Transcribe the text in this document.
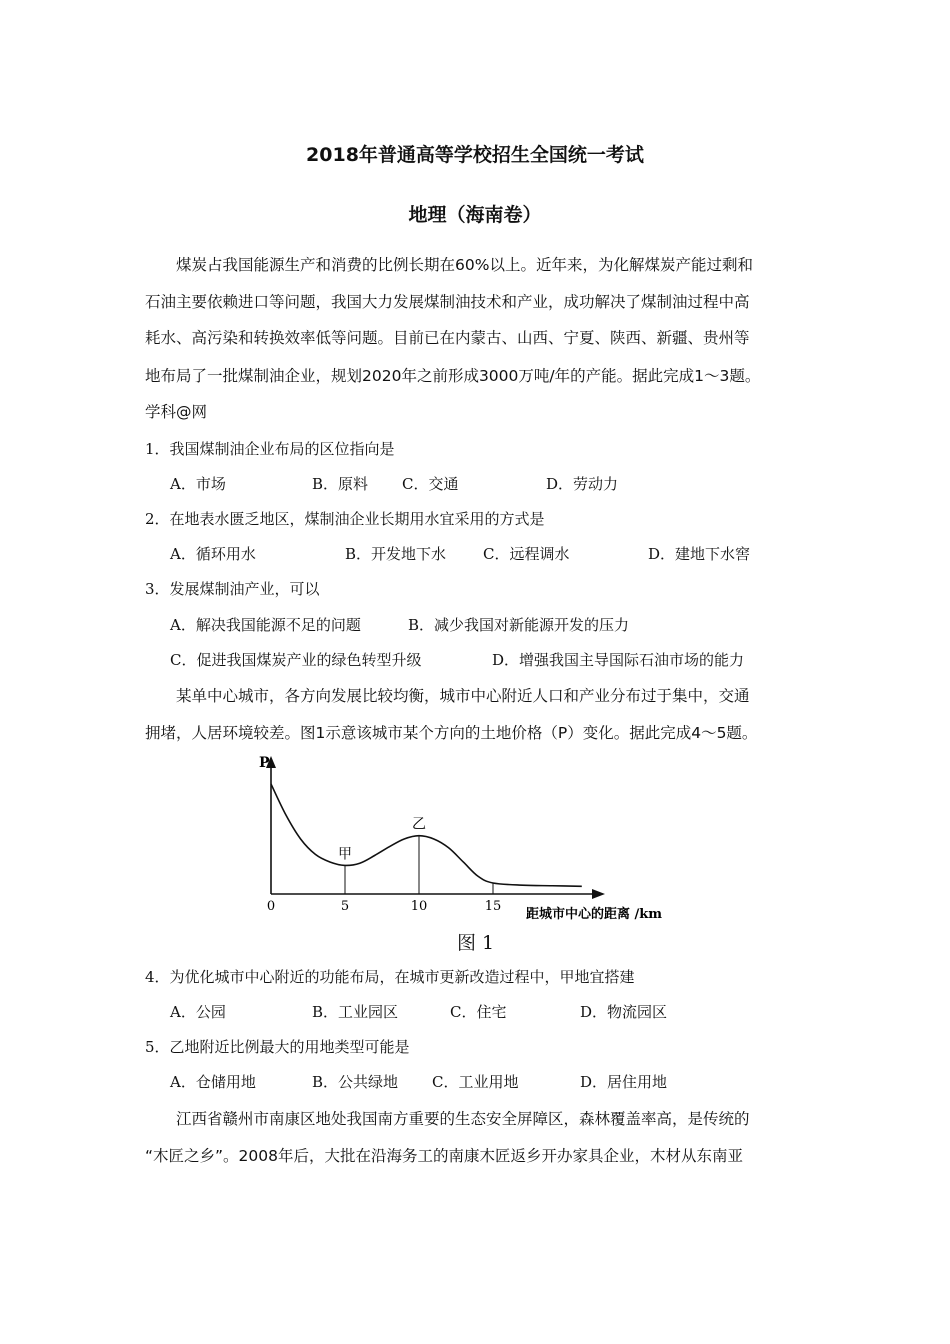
2018年普通高等学校招生全国统一考试
地理（海南卷）
煤炭占我国能源生产和消费的比例长期在60%以上。近年来，为化解煤炭产能过剩和
石油主要依赖进口等问题，我国大力发展煤制油技术和产业，成功解决了煤制油过程中高
耗水、高污染和转换效率低等问题。目前已在内蒙古、山西、宁夏、陕西、新疆、贵州等
地布局了一批煤制油企业，规划2020年之前形成3000万吨/年的产能。据此完成1～3题。
学科@网
1．我国煤制油企业布局的区位指向是
A．市场	B．原料 C．交通	D．劳动力
2．在地表水匮乏地区，煤制油企业长期用水宜采用的方式是
A．循环用水	B．开发地下水 C．远程调水	D．建地下水窖
3．发展煤制油产业，可以
A．解决我国能源不足的问题	B．减少我国对新能源开发的压力
C．促进我国煤炭产业的绿色转型升级	D．增强我国主导国际石油市场的能力
某单中心城市，各方向发展比较均衡，城市中心附近人口和产业分布过于集中，交通
拥堵，人居环境较差。图1示意该城市某个方向的土地价格（P）变化。据此完成4～5题。
P
距城市中心的距离 /km
0	5	10	15
甲
乙
图 1
4．为优化城市中心附近的功能布局，在城市更新改造过程中，甲地宜搭建
A．公园	B．工业园区	C．住宅	D．物流园区
5．乙地附近比例最大的用地类型可能是
A．仓储用地	B．公共绿地 C．工业用地	D．居住用地
江西省赣州市南康区地处我国南方重要的生态安全屏障区，森林覆盖率高，是传统的
“木匠之乡”。2008年后，大批在沿海务工的南康木匠返乡开办家具企业，木材从东南亚
